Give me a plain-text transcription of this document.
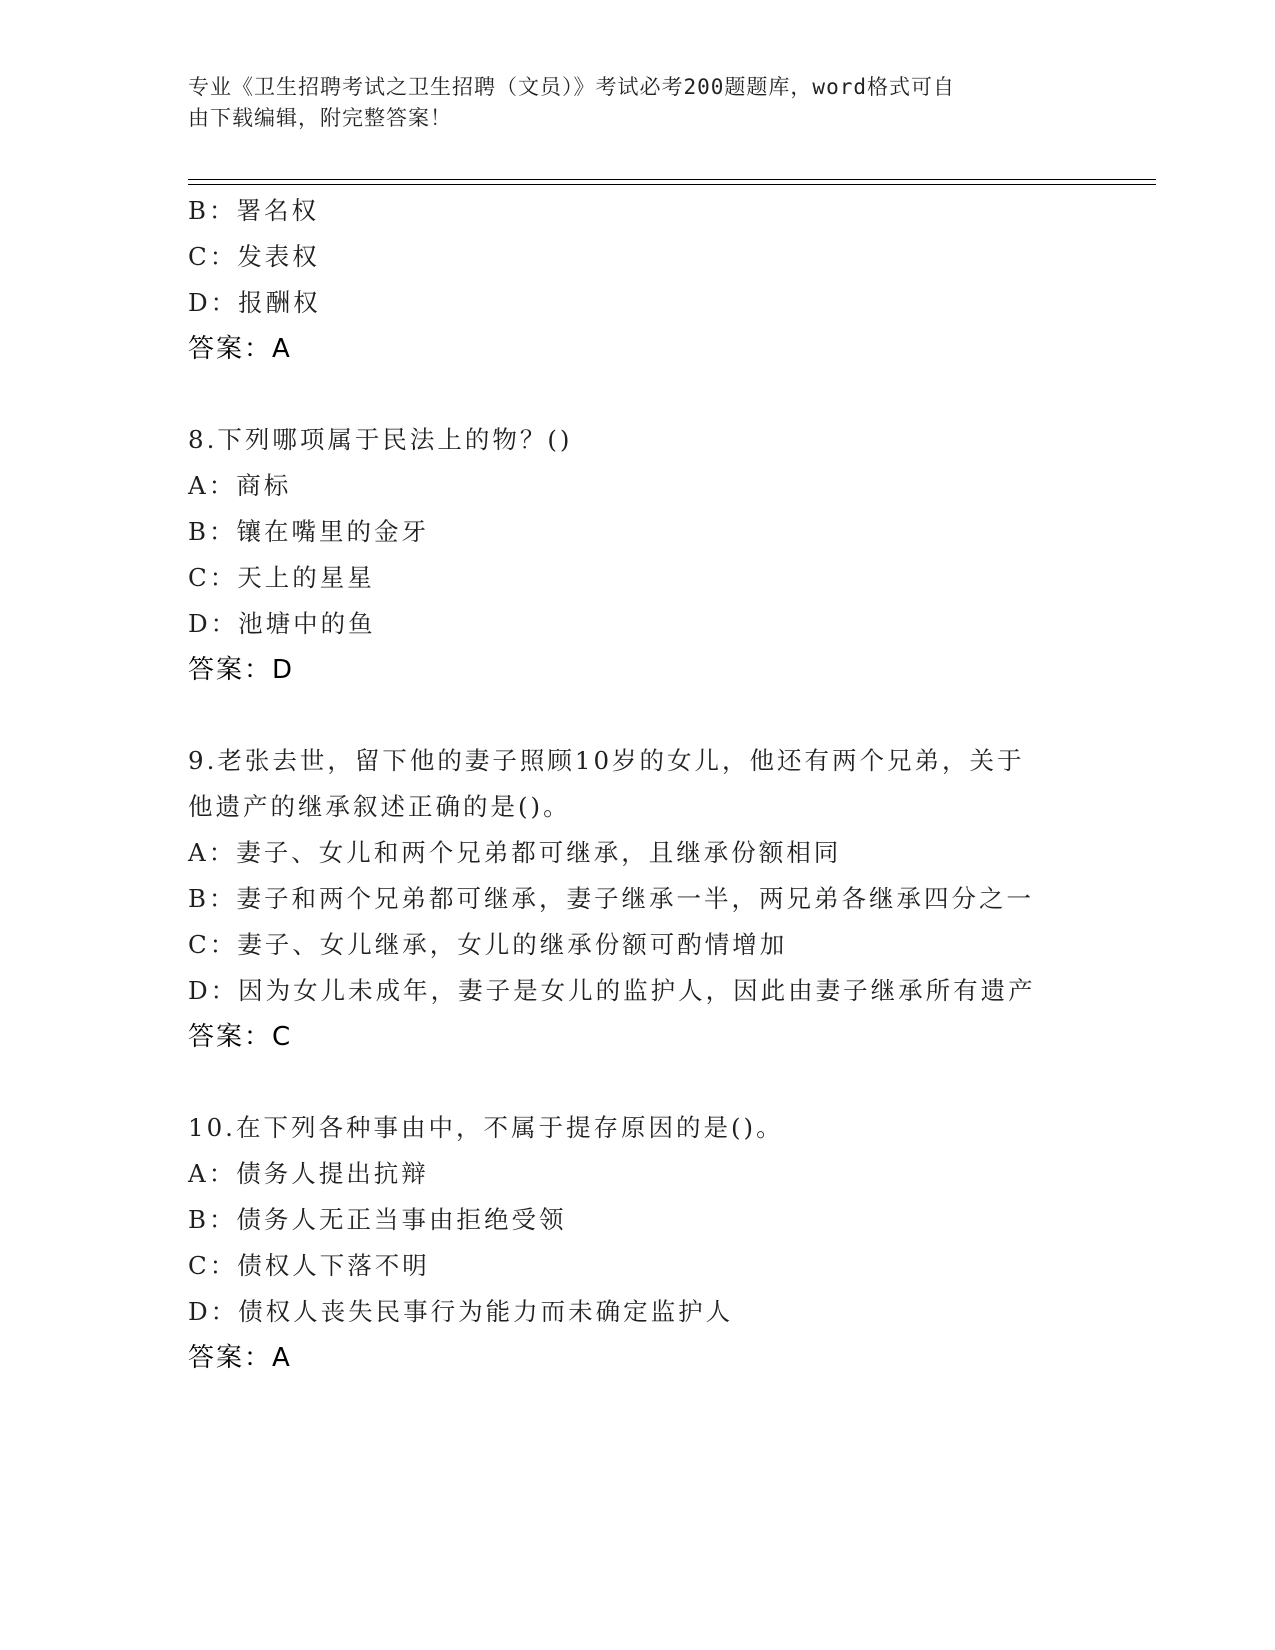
专业《卫生招聘考试之卫生招聘（文员）》考试必考200题题库，word格式可自
由下载编辑，附完整答案！
B：署名权
C：发表权
D：报酬权
答案：A
8.下列哪项属于民法上的物？()
A：商标
B：镶在嘴里的金牙
C：天上的星星
D：池塘中的鱼
答案：D
9.老张去世，留下他的妻子照顾10岁的女儿，他还有两个兄弟，关于
他遗产的继承叙述正确的是()。
A：妻子、女儿和两个兄弟都可继承，且继承份额相同
B：妻子和两个兄弟都可继承，妻子继承一半，两兄弟各继承四分之一
C：妻子、女儿继承，女儿的继承份额可酌情增加
D：因为女儿未成年，妻子是女儿的监护人，因此由妻子继承所有遗产
答案：C
10.在下列各种事由中，不属于提存原因的是()。
A：债务人提出抗辩
B：债务人无正当事由拒绝受领
C：债权人下落不明
D：债权人丧失民事行为能力而未确定监护人
答案：A
